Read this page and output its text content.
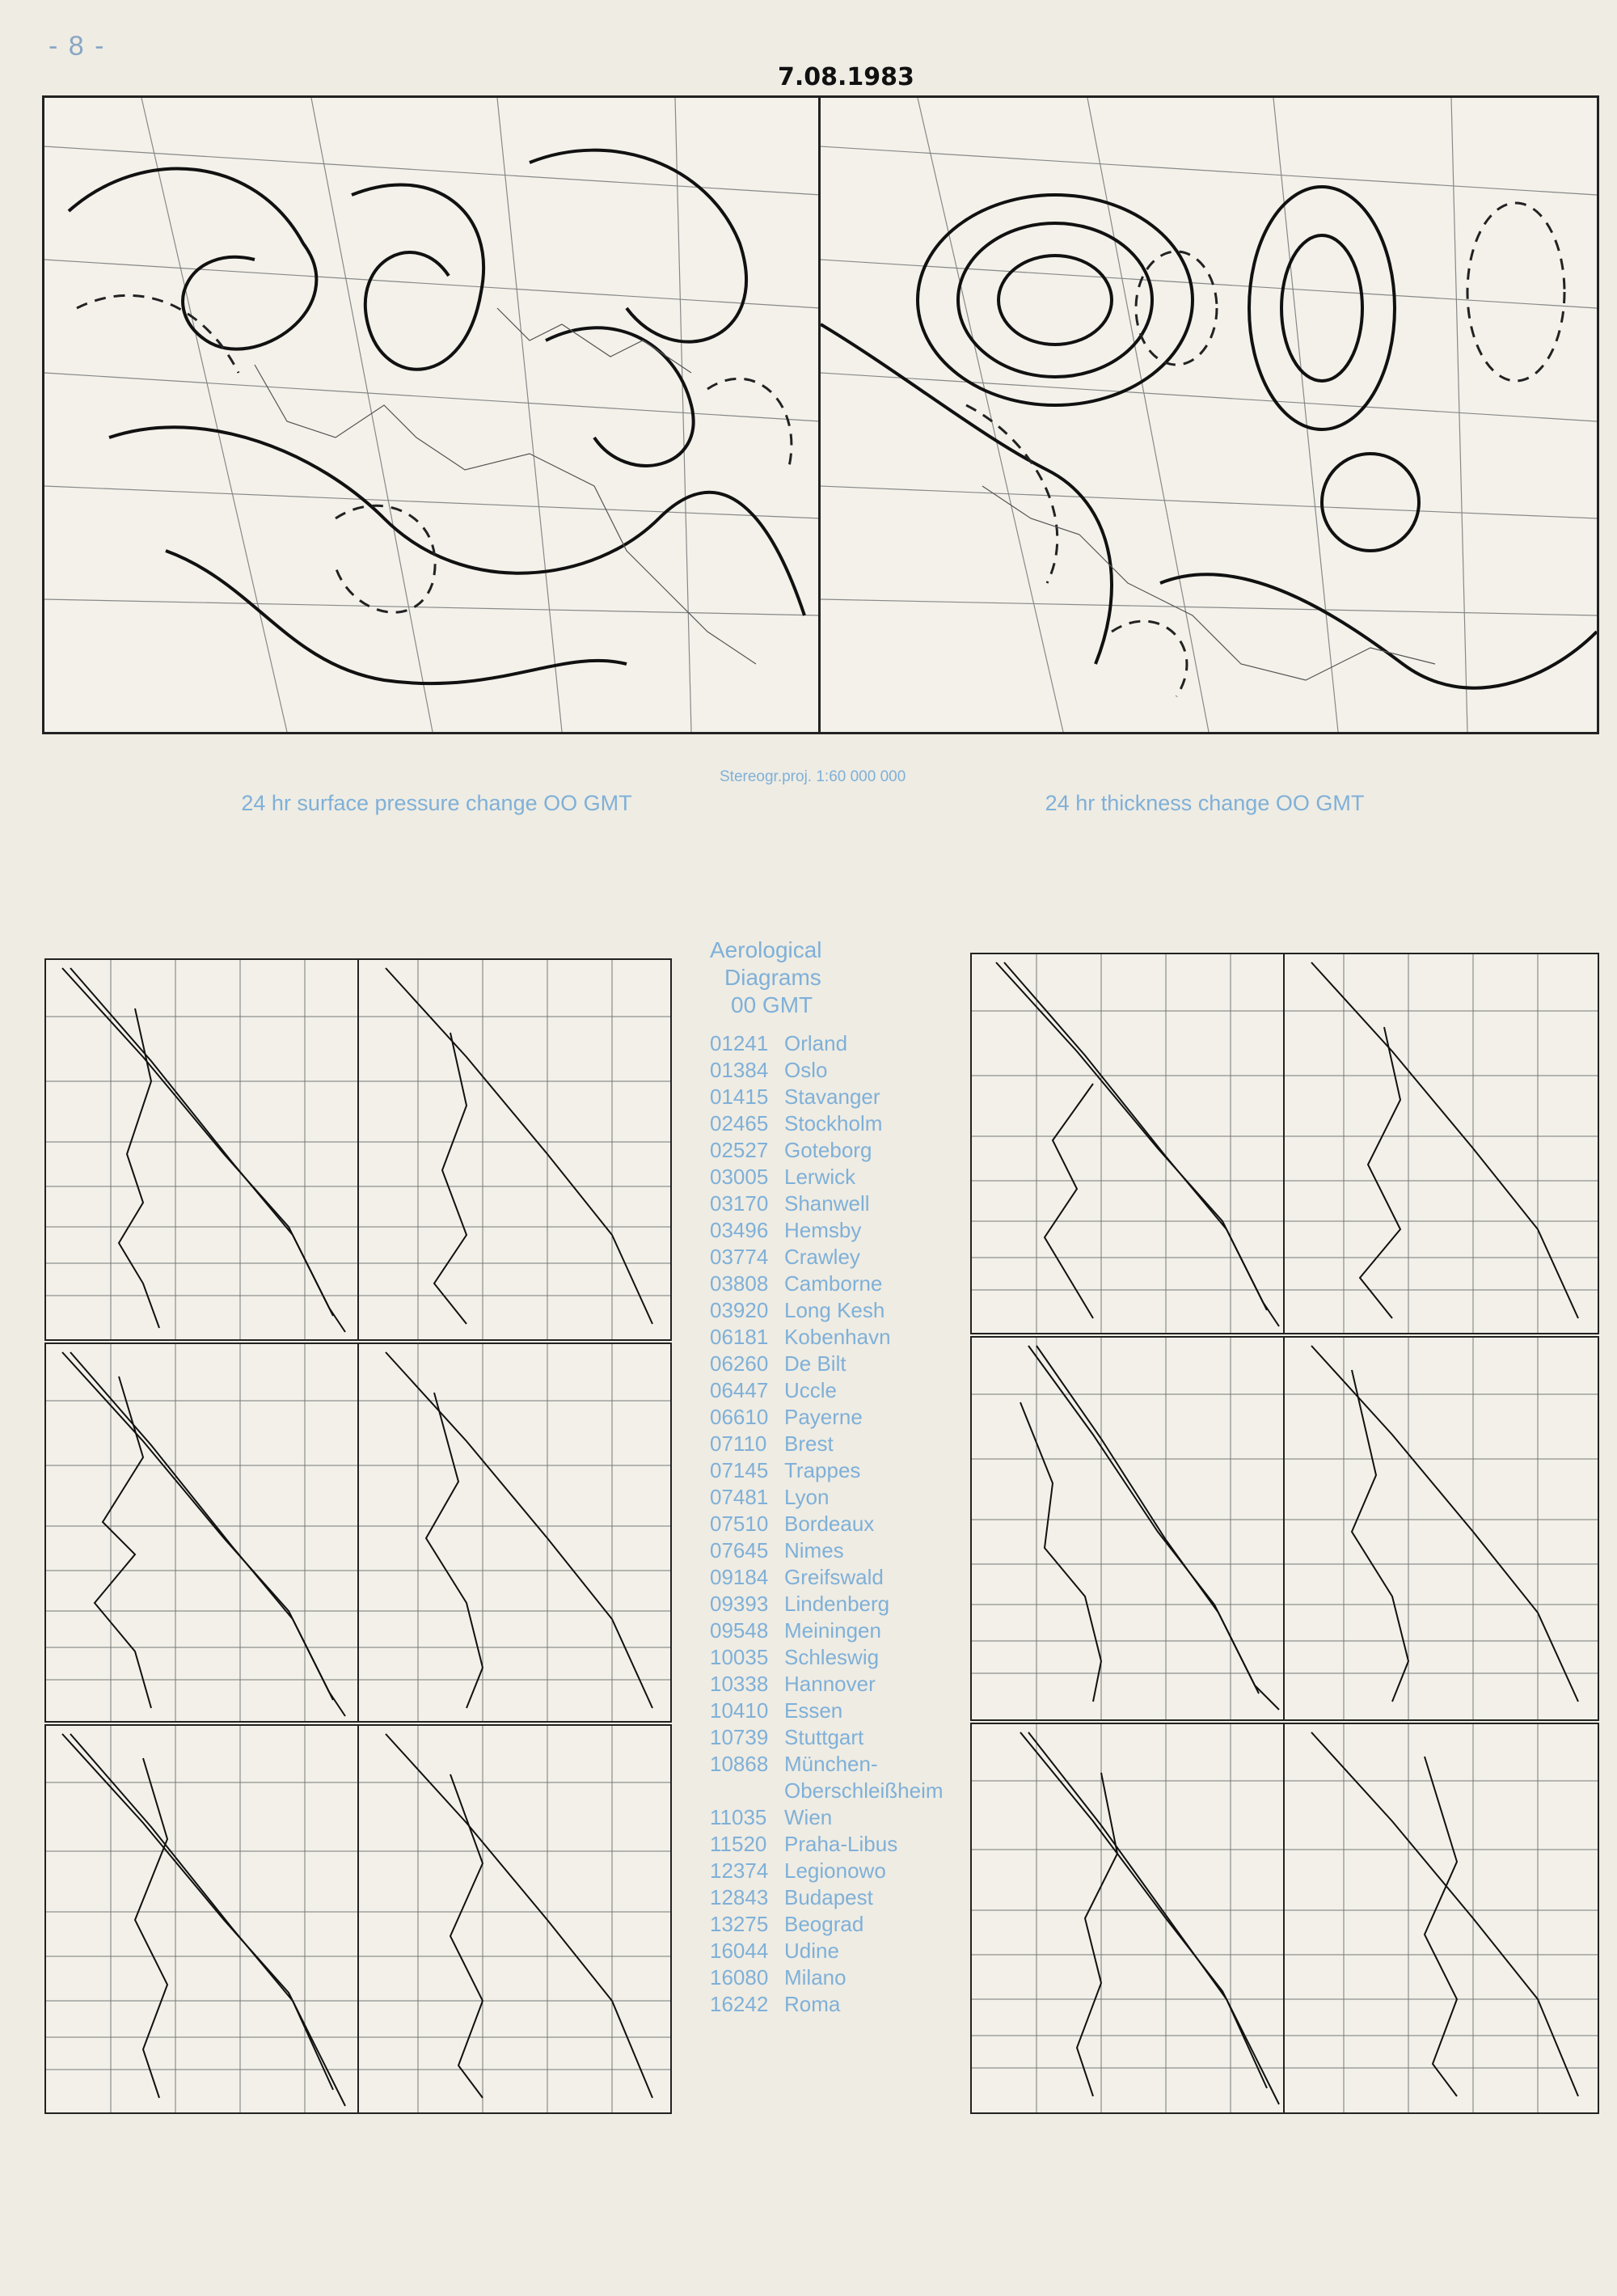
- 8 -
7.08.1983
24 hr surface pressure change OO GMT
Stereogr.proj. 1:60 000 000
24 hr thickness change OO GMT
Aerological
Diagrams
00 GMT
01241 Orland
01384 Oslo
01415 Stavanger
02465 Stockholm
02527 Goteborg
03005 Lerwick
03170 Shanwell
03496 Hemsby
03774 Crawley
03808 Camborne
03920 Long Kesh
06181 Kobenhavn
06260 De Bilt
06447 Uccle
06610 Payerne
07110 Brest
07145 Trappes
07481 Lyon
07510 Bordeaux
07645 Nimes
09184 Greifswald
09393 Lindenberg
09548 Meiningen
10035 Schleswig
10338 Hannover
10410 Essen
10739 Stuttgart
10868 München-
Oberschleißheim
11035 Wien
11520 Praha-Libus
12374 Legionowo
12843 Budapest
13275 Beograd
16044 Udine
16080 Milano
16242 Roma
